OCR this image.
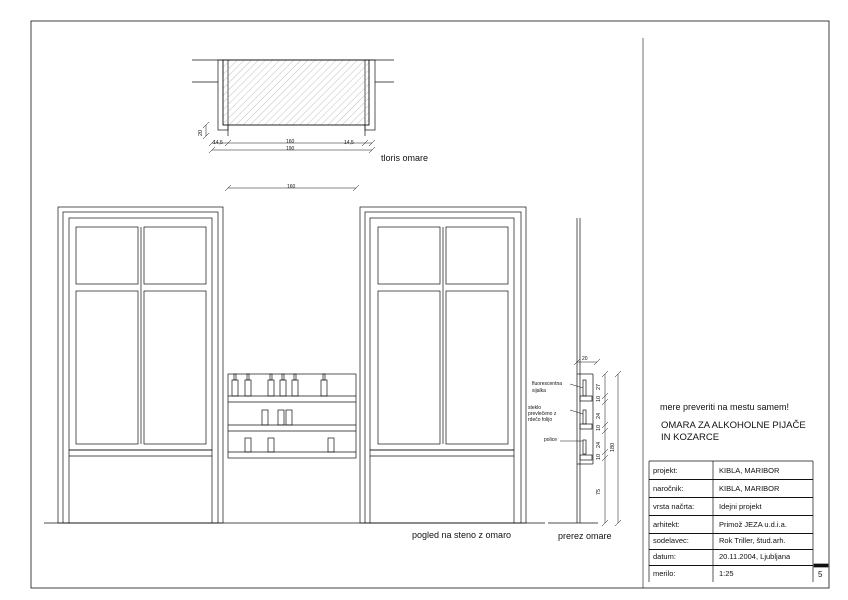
20
14,5	160	14,5
190
tloris omare
160
pogled na steno z omaro
20
fluorescentna
sijalka
steklo
prevlečeno z
rdečo folijo
police
27
10
24
10
24
10
75
180
prerez omare
mere preveriti na mestu samem!
OMARA ZA ALKOHOLNE PIJAČE
IN KOZARCE
projekt:	KIBLA, MARIBOR
naročnik:	KIBLA, MARIBOR
vrsta načrta:	Idejni projekt
arhitekt:	Primož JEZA u.d.i.a.
sodelavec:	Rok Triller, štud.arh.
datum:	20.11.2004, Ljubljana
merilo:	1:25	5
